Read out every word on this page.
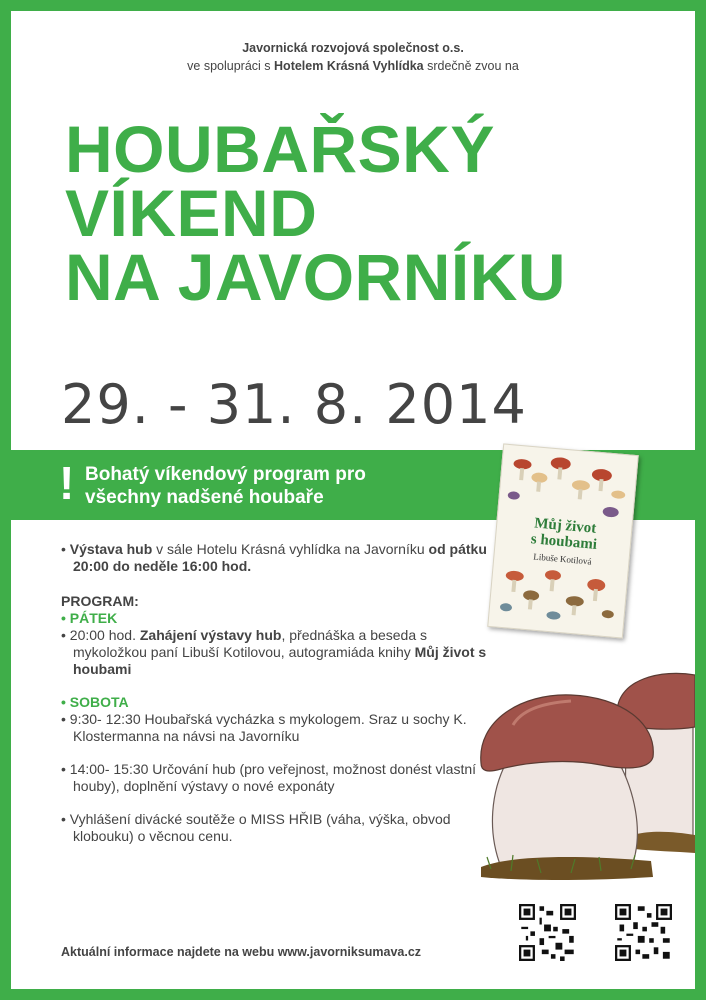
Javornická rozvojová společnost o.s.
ve spolupráci s Hotelem Krásná Vyhlídka srdečně zvou na
HOUBAŘSKÝ
VÍKEND
NA JAVORNÍKU
29. - 31. 8. 2014
! Bohatý víkendový program pro
všechny nadšené houbaře
Můj život
s houbami
Libuše Kotilová

• Výstava hub v sále Hotelu Krásná vyhlídka na Javorníku od pátku 20:00 do neděle 16:00 hod.

PROGRAM:

• PÁTEK

• 20:00 hod. Zahájení výstavy hub, přednáška a beseda s mykoložkou paní Libuší Kotilovou, autogramiáda knihy Můj život s houbami

• SOBOTA

• 9:30- 12:30 Houbařská vycházka s mykologem. Sraz u sochy K. Klostermanna na návsi na Javorníku

• 14:00- 15:30 Určování hub (pro veřejnost, možnost donést vlastní houby), doplnění výstavy o nové exponáty

• Vyhlášení divácké soutěže o MISS HŘIB (váha, výška, obvod klobouku) o věcnou cenu.

Aktuální informace najdete na webu www.javorniksumava.cz
